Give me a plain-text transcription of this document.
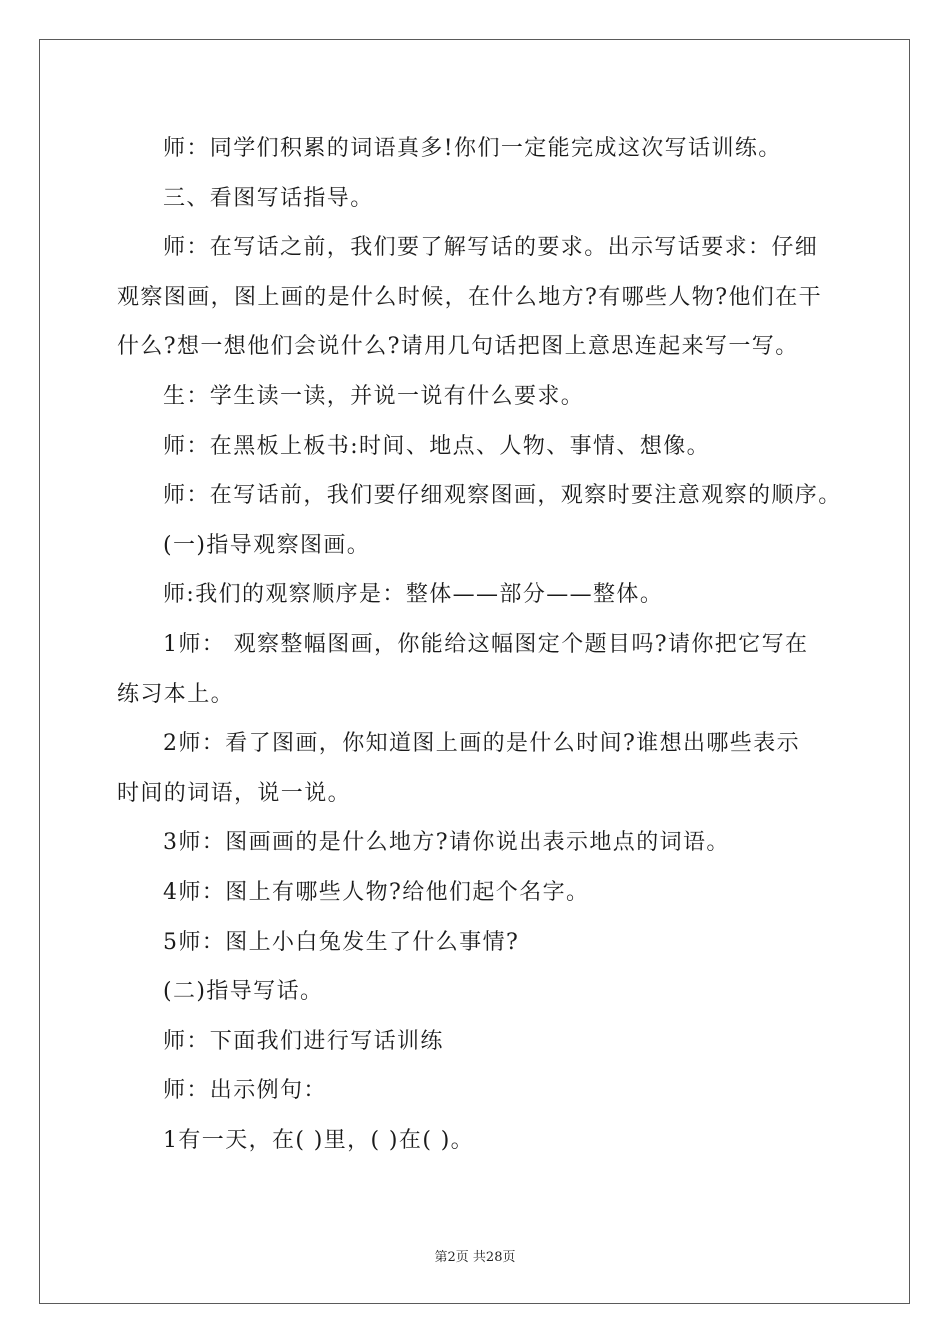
师：同学们积累的词语真多!你们一定能完成这次写话训练。

三、看图写话指导。

师：在写话之前，我们要了解写话的要求。出示写话要求：仔细

观察图画，图上画的是什么时候，在什么地方?有哪些人物?他们在干

什么?想一想他们会说什么?请用几句话把图上意思连起来写一写。

生：学生读一读，并说一说有什么要求。

师：在黑板上板书:时间、地点、人物、事情、想像。

师：在写话前，我们要仔细观察图画，观察时要注意观察的顺序。

(一)指导观察图画。

师:我们的观察顺序是：整体——部分——整体。

1师： 观察整幅图画，你能给这幅图定个题目吗?请你把它写在

练习本上。

2师：看了图画，你知道图上画的是什么时间?谁想出哪些表示

时间的词语，说一说。

3师：图画画的是什么地方?请你说出表示地点的词语。

4师：图上有哪些人物?给他们起个名字。

5师：图上小白兔发生了什么事情?

(二)指导写话。

师：下面我们进行写话训练

师：出示例句：

1有一天，在( )里，( )在( )。

第2页 共28页
